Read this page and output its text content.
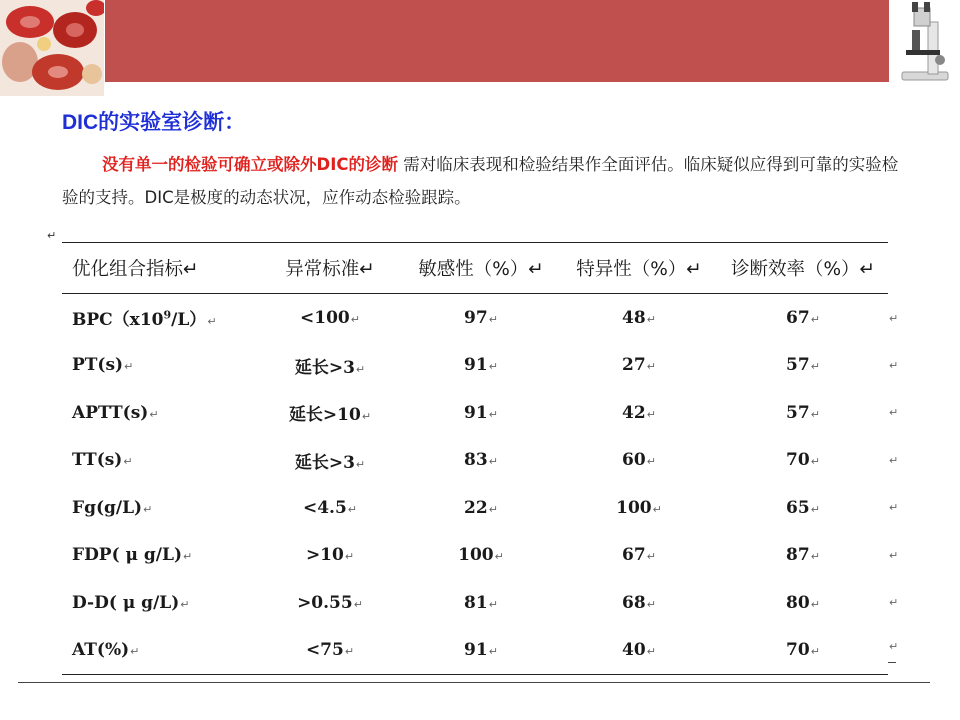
DIC的实验室诊断：
没有单一的检验可确立或除外DIC的诊断 需对临床表现和检验结果作全面评估。临床疑似应得到可靠的实验检验的支持。DIC是极度的动态状况，应作动态检验跟踪。
↵
优化组合指标↵	异常标准↵	敏感性（%）↵	特异性（%）↵	诊断效率（%）↵
$BPC(x10^9/L)↵$	<100↵	97↵	48↵	67↵
PT(s)↵	延长>3↵	91↵	27↵	57↵
APTT(s)↵	延长>10↵	91↵	42↵	57↵
TT(s)↵	延长>3↵	83↵	60↵	70↵
Fg(g/L)↵	<4.5↵	22↵	100↵	65↵
FDP( μ g/L)↵	>10↵	100↵	67↵	87↵
D-D( μ g/L)↵	>0.55↵	81↵	68↵	80↵
AT(%)↵	<75↵	91↵	40↵	70↵
↵
↵
↵
↵
↵
↵
↵
↵
